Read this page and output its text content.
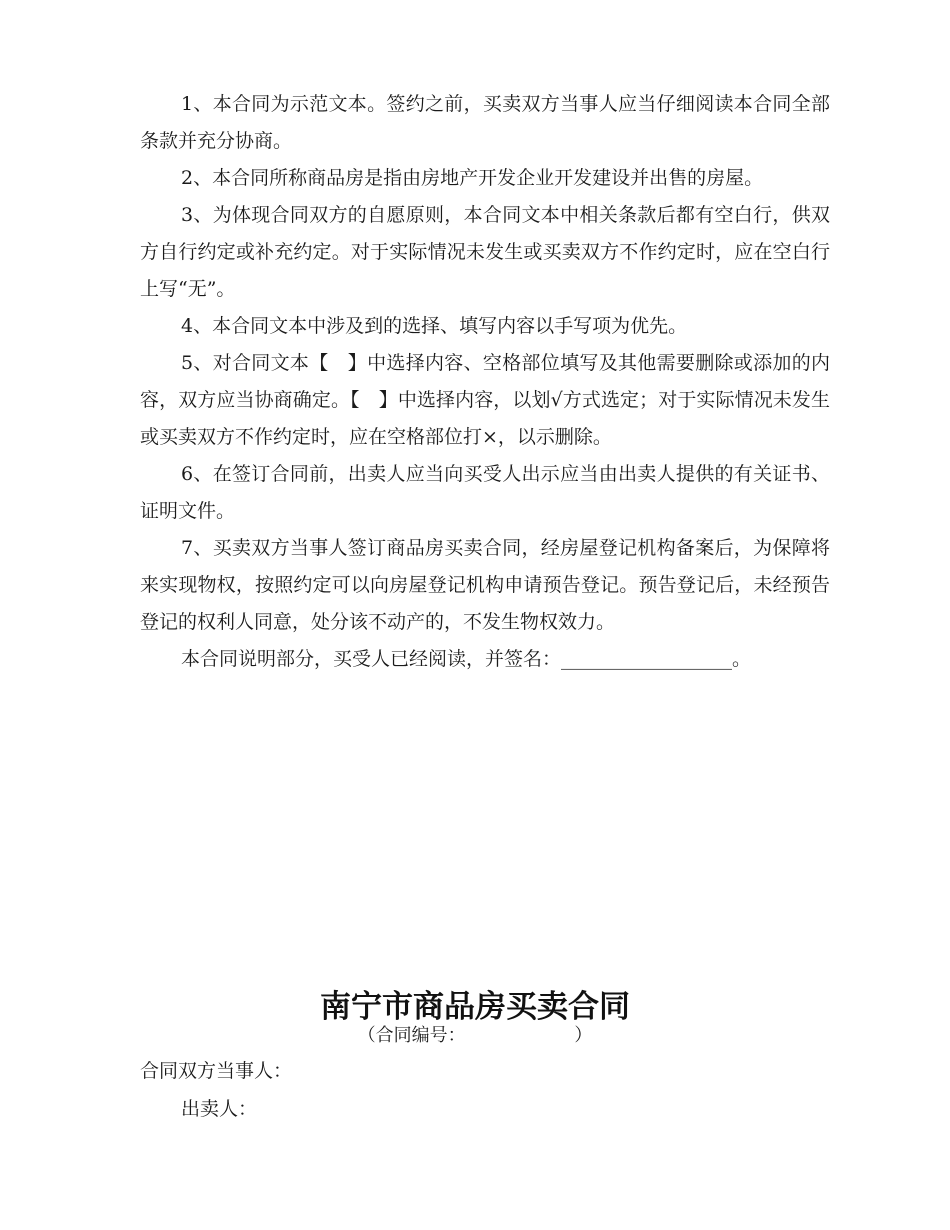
1、本合同为示范文本。签约之前，买卖双方当事人应当仔细阅读本合同全部条款并充分协商。

2、本合同所称商品房是指由房地产开发企业开发建设并出售的房屋。

3、为体现合同双方的自愿原则，本合同文本中相关条款后都有空白行，供双方自行约定或补充约定。对于实际情况未发生或买卖双方不作约定时，应在空白行上写“无”。

4、本合同文本中涉及到的选择、填写内容以手写项为优先。

5、对合同文本【　】中选择内容、空格部位填写及其他需要删除或添加的内容，双方应当协商确定。【　】中选择内容，以划√方式选定；对于实际情况未发生或买卖双方不作约定时，应在空格部位打×，以示删除。

6、在签订合同前，出卖人应当向买受人出示应当由出卖人提供的有关证书、证明文件。

7、买卖双方当事人签订商品房买卖合同，经房屋登记机构备案后，为保障将来实现物权，按照约定可以向房屋登记机构申请预告登记。预告登记后，未经预告登记的权利人同意，处分该不动产的，不发生物权效力。

本合同说明部分，买受人已经阅读，并签名：__________________。

南宁市商品房买卖合同

（合同编号：                   ）

合同双方当事人：

出卖人：
